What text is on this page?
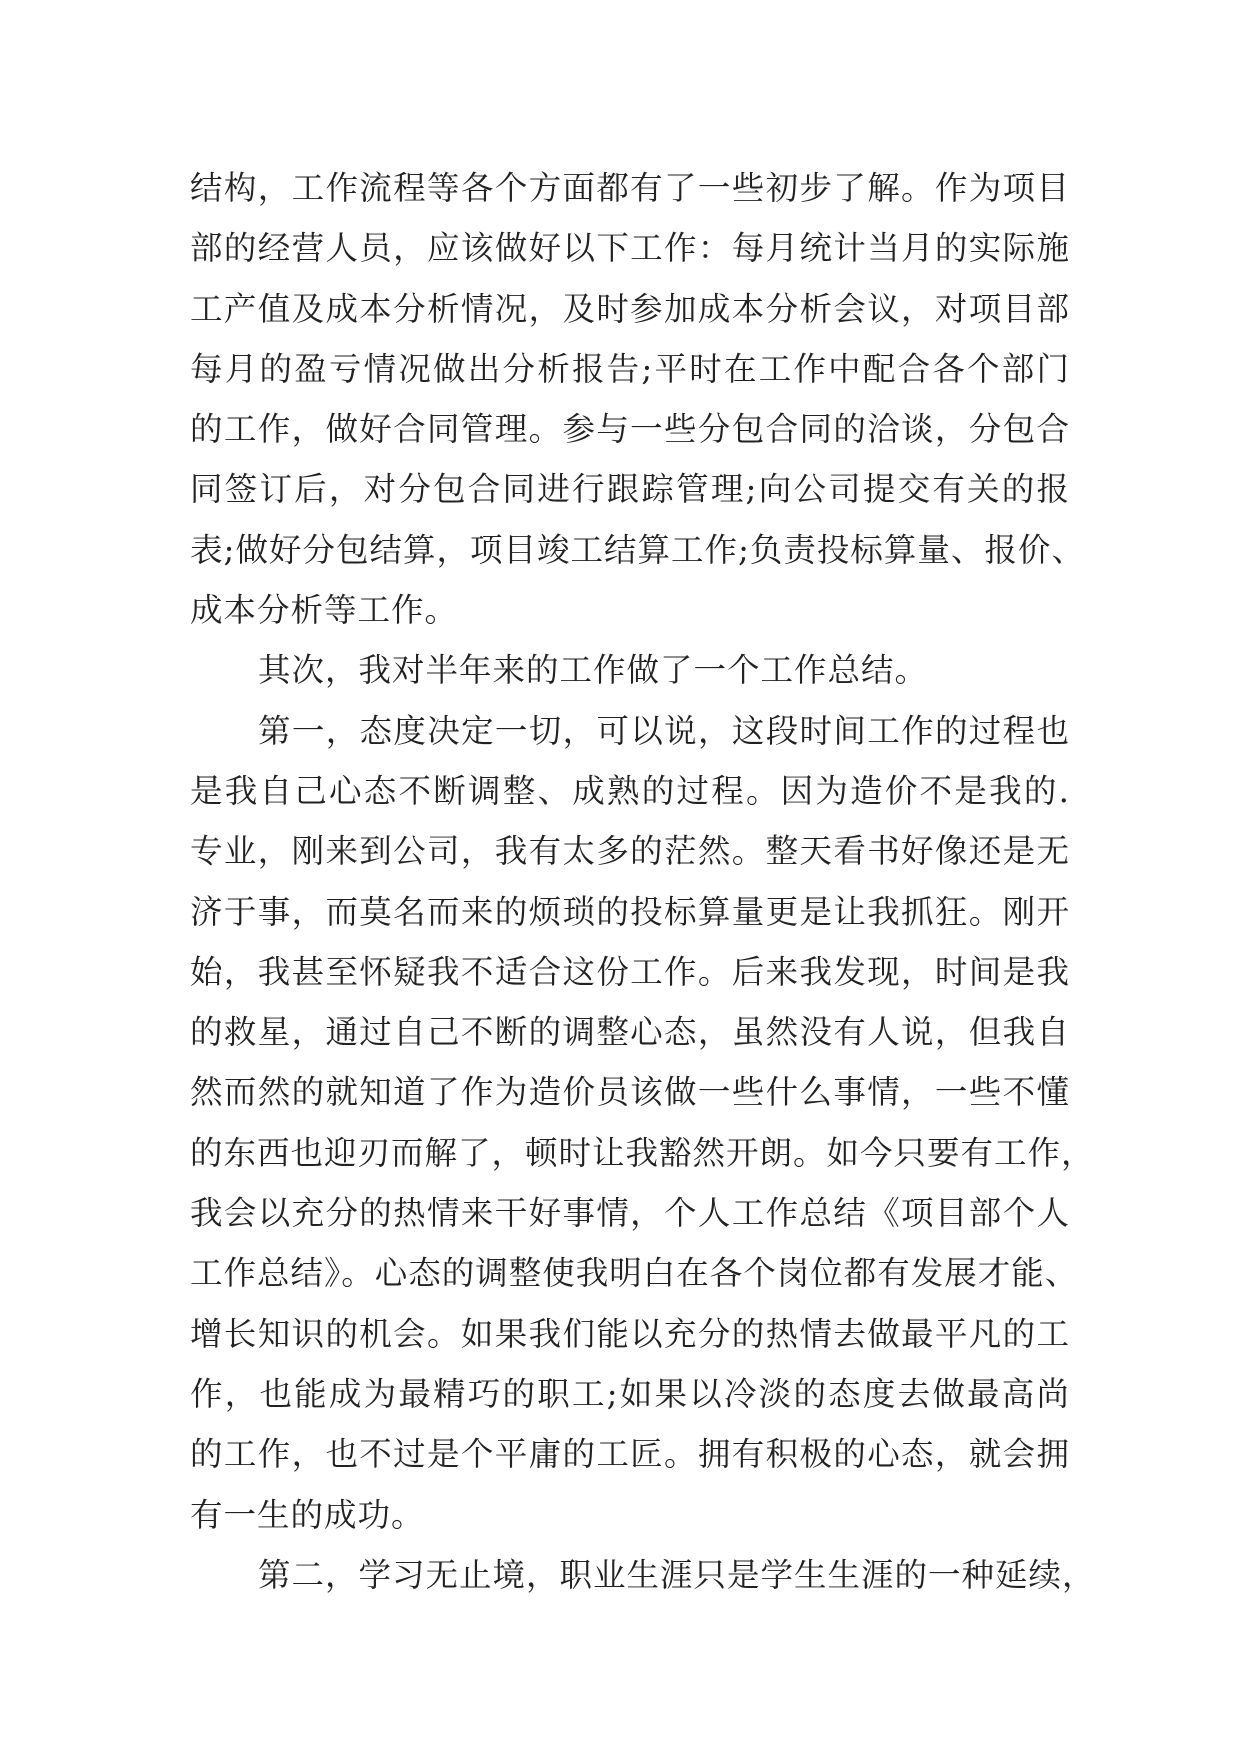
结构，工作流程等各个方面都有了一些初步了解。作为项目
部的经营人员，应该做好以下工作：每月统计当月的实际施
工产值及成本分析情况，及时参加成本分析会议，对项目部
每月的盈亏情况做出分析报告;平时在工作中配合各个部门
的工作，做好合同管理。参与一些分包合同的洽谈，分包合
同签订后，对分包合同进行跟踪管理;向公司提交有关的报
表;做好分包结算，项目竣工结算工作;负责投标算量、报价、
成本分析等工作。
其次，我对半年来的工作做了一个工作总结。
第一，态度决定一切，可以说，这段时间工作的过程也
是我自己心态不断调整、成熟的过程。因为造价不是我的.
专业，刚来到公司，我有太多的茫然。整天看书好像还是无
济于事，而莫名而来的烦琐的投标算量更是让我抓狂。刚开
始，我甚至怀疑我不适合这份工作。后来我发现，时间是我
的救星，通过自己不断的调整心态，虽然没有人说，但我自
然而然的就知道了作为造价员该做一些什么事情，一些不懂
的东西也迎刃而解了，顿时让我豁然开朗。如今只要有工作，
我会以充分的热情来干好事情，个人工作总结《项目部个人
工作总结》。心态的调整使我明白在各个岗位都有发展才能、
增长知识的机会。如果我们能以充分的热情去做最平凡的工
作，也能成为最精巧的职工;如果以冷淡的态度去做最高尚
的工作，也不过是个平庸的工匠。拥有积极的心态，就会拥
有一生的成功。
第二，学习无止境，职业生涯只是学生生涯的一种延续，
